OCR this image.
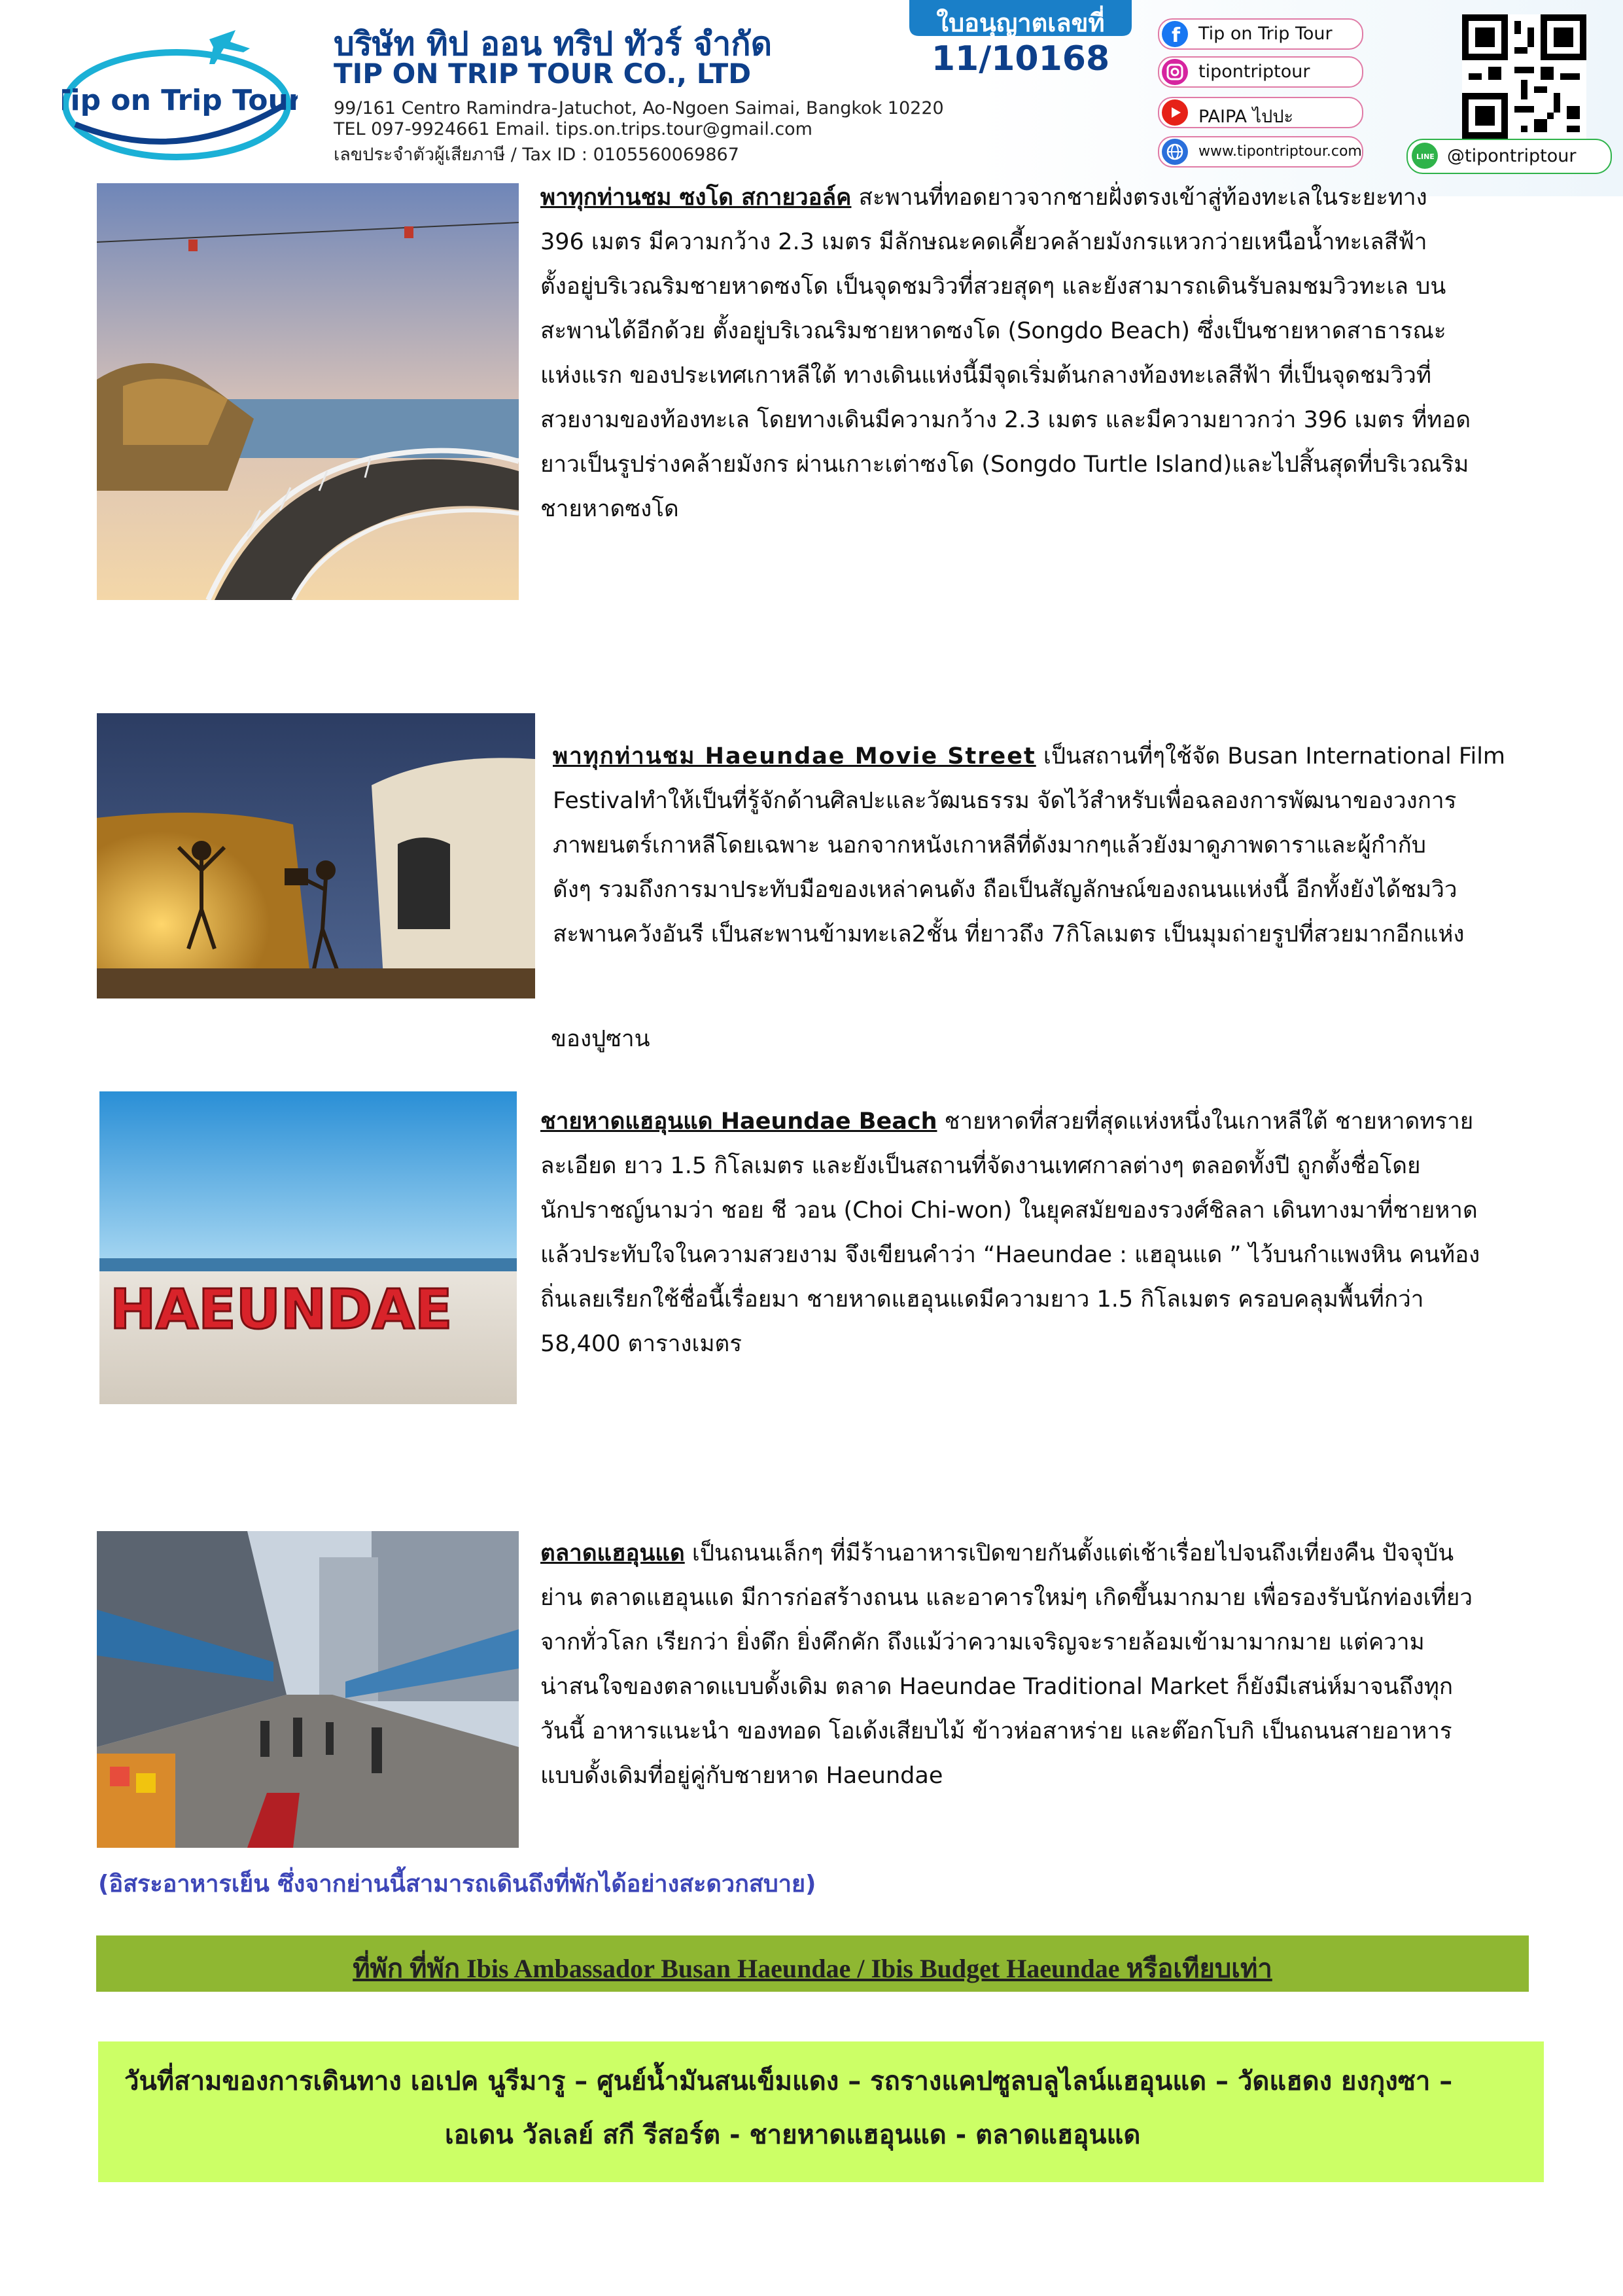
Tip on Trip Tour
บริษัท ทิป ออน ทริป ทัวร์ จำกัด
TIP ON TRIP TOUR CO., LTD
99/161 Centro Ramindra-Jatuchot, Ao-Ngoen Saimai, Bangkok 10220
TEL 097-9924661 Email. tips.on.trips.tour@gmail.com
เลขประจำตัวผู้เสียภาษี / Tax ID : 0105560069867
ใบอนุญาตเลขที่
11/10168
f Tip on Trip Tour
tipontriptour
PAIPA ไปปะ
www.tipontriptour.com	LINE @tipontriptour
พาทุกท่านชม ซงโด สกายวอล์ค สะพานที่ทอดยาวจากชายฝั่งตรงเข้าสู่ท้องทะเลในระยะทาง
396 เมตร มีความกว้าง 2.3 เมตร มีลักษณะคดเคี้ยวคล้ายมังกรแหวกว่ายเหนือน้ำทะเลสีฟ้า
ตั้งอยู่บริเวณริมชายหาดซงโด เป็นจุดชมวิวที่สวยสุดๆ และยังสามารถเดินรับลมชมวิวทะเล บน
สะพานได้อีกด้วย ตั้งอยู่บริเวณริมชายหาดซงโด (Songdo Beach) ซึ่งเป็นชายหาดสาธารณะ
แห่งแรก ของประเทศเกาหลีใต้ ทางเดินแห่งนี้มีจุดเริ่มต้นกลางท้องทะเลสีฟ้า ที่เป็นจุดชมวิวที่
สวยงามของท้องทะเล โดยทางเดินมีความกว้าง 2.3 เมตร และมีความยาวกว่า 396 เมตร ที่ทอด
ยาวเป็นรูปร่างคล้ายมังกร ผ่านเกาะเต่าซงโด (Songdo Turtle Island)และไปสิ้นสุดที่บริเวณริม
ชายหาดซงโด
พาทุกท่านชม Haeundae Movie Street เป็นสถานที่ๆใช้จัด Busan International Film
Festivalทำให้เป็นที่รู้จักด้านศิลปะและวัฒนธรรม จัดไว้สำหรับเพื่อฉลองการพัฒนาของวงการ
ภาพยนตร์เกาหลีโดยเฉพาะ นอกจากหนังเกาหลีที่ดังมากๆแล้วยังมาดูภาพดาราและผู้กำกับ
ดังๆ รวมถึงการมาประทับมือของเหล่าคนดัง ถือเป็นสัญลักษณ์ของถนนแห่งนี้ อีกทั้งยังได้ชมวิว
สะพานควังอันรี เป็นสะพานข้ามทะเล2ชั้น ที่ยาวถึง 7กิโลเมตร เป็นมุมถ่ายรูปที่สวยมากอีกแห่ง
ของปูซาน
HAEUNDAE
ชายหาดแฮอุนแด Haeundae Beach ชายหาดที่สวยที่สุดแห่งหนึ่งในเกาหลีใต้ ชายหาดทราย
ละเอียด ยาว 1.5 กิโลเมตร และยังเป็นสถานที่จัดงานเทศกาลต่างๆ ตลอดทั้งปี ถูกตั้งชื่อโดย
นักปราชญ์นามว่า ชอย ชี วอน (Choi Chi-won) ในยุคสมัยของรวงศ์ชิลลา เดินทางมาที่ชายหาด
แล้วประทับใจในความสวยงาม จึงเขียนคำว่า “Haeundae : แฮอุนแด ” ไว้บนกำแพงหิน คนท้อง
ถิ่นเลยเรียกใช้ชื่อนี้เรื่อยมา ชายหาดแฮอุนแดมีความยาว 1.5 กิโลเมตร ครอบคลุมพื้นที่กว่า
58,400 ตารางเมตร
ตลาดแฮอุนแด เป็นถนนเล็กๆ ที่มีร้านอาหารเปิดขายกันตั้งแต่เช้าเรื่อยไปจนถึงเที่ยงคืน ปัจจุบัน
ย่าน ตลาดแฮอุนแด มีการก่อสร้างถนน และอาคารใหม่ๆ เกิดขึ้นมากมาย เพื่อรองรับนักท่องเที่ยว
จากทั่วโลก เรียกว่า ยิ่งดึก ยิ่งคึกคัก ถึงแม้ว่าความเจริญจะรายล้อมเข้ามามากมาย แต่ความ
น่าสนใจของตลาดแบบดั้งเดิม ตลาด Haeundae Traditional Market ก็ยังมีเสน่ห์มาจนถึงทุก
วันนี้ อาหารแนะนำ ของทอด โอเด้งเสียบไม้ ข้าวห่อสาหร่าย และต๊อกโบกิ เป็นถนนสายอาหาร
แบบดั้งเดิมที่อยู่คู่กับชายหาด Haeundae
(อิสระอาหารเย็น ซึ่งจากย่านนี้สามารถเดินถึงที่พักได้อย่างสะดวกสบาย)
ที่พัก ที่พัก Ibis Ambassador Busan Haeundae / Ibis Budget Haeundae หรือเทียบเท่า
วันที่สามของการเดินทาง เอเปค นูรีมารู – ศูนย์น้ำมันสนเข็มแดง – รถรางแคปซูลบลูไลน์แฮอุนแด – วัดแฮดง ยงกุงซา –
เอเดน วัลเลย์ สกี รีสอร์ต - ชายหาดแฮอุนแด - ตลาดแฮอุนแด
